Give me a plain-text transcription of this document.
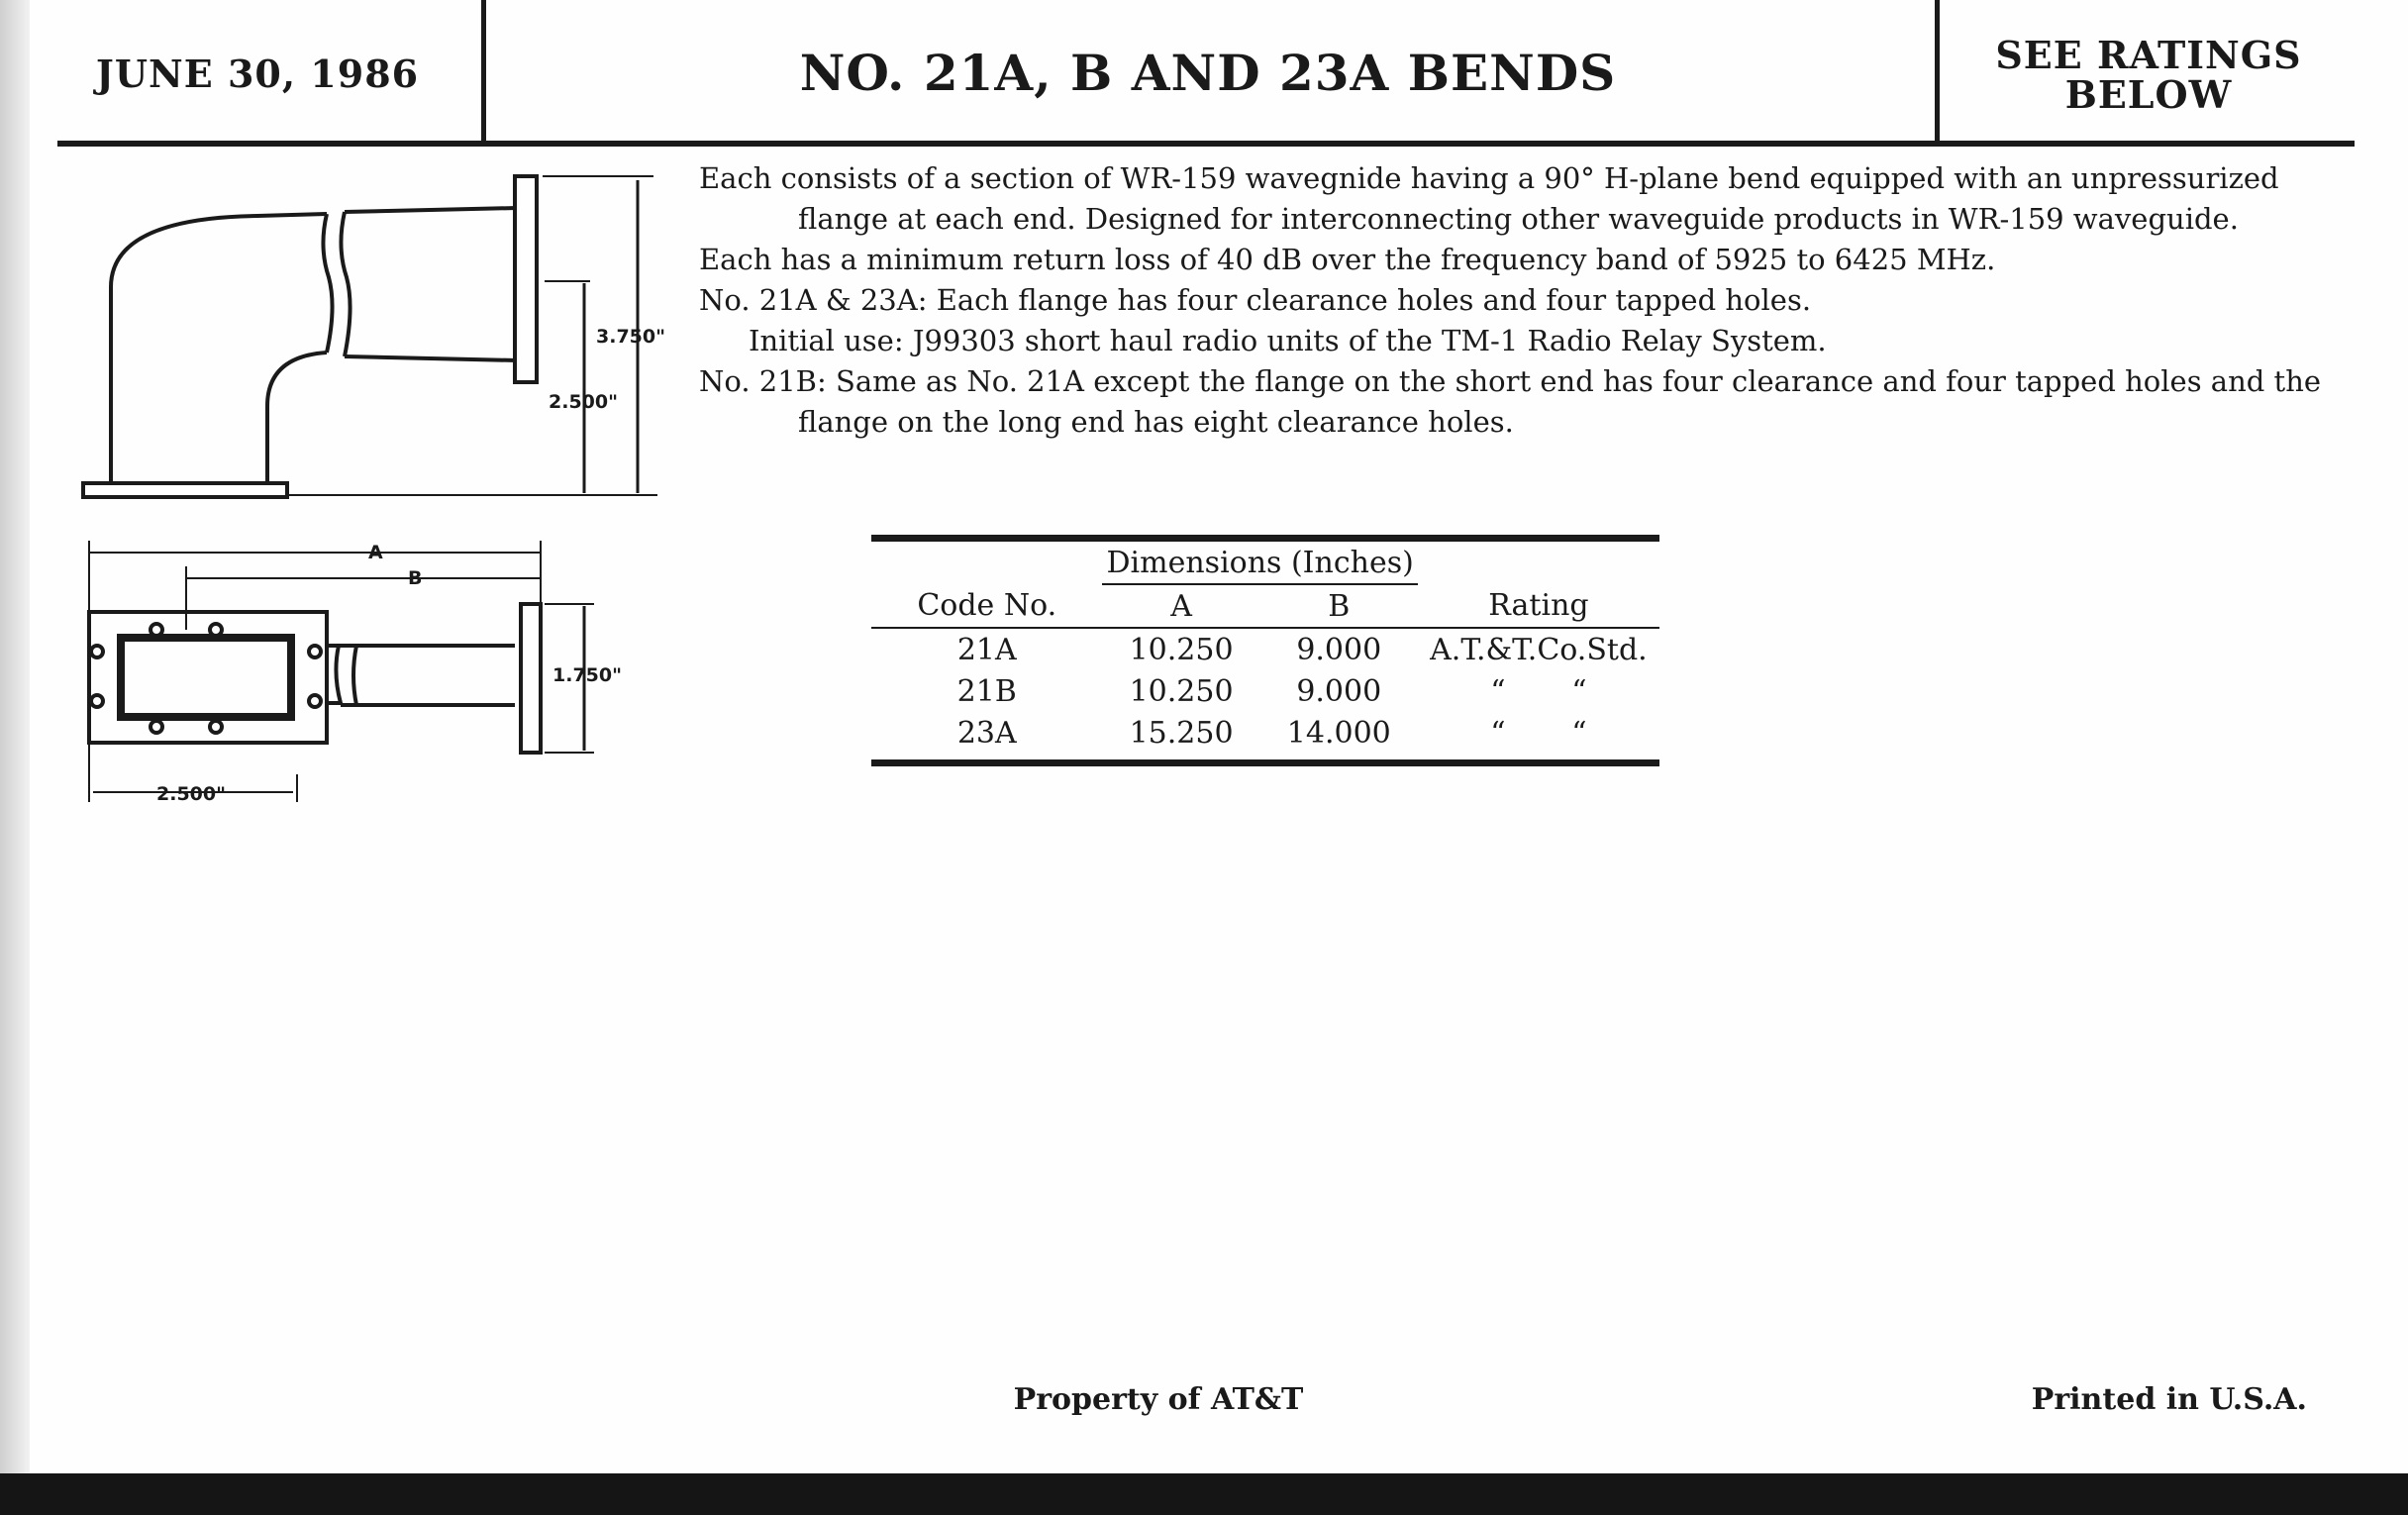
JUNE 30, 1986	NO. 21A, B AND 23A BENDS	SEE RATINGS
BELOW

Each consists of a section of WR-159 wavegnide having a 90° H-plane bend equipped with an unpressurized flange at each end. Designed for interconnecting other waveguide products in WR-159 waveguide.

Each has a minimum return loss of 40 dB over the frequency band of 5925 to 6425 MHz.

No. 21A & 23A: Each flange has four clearance holes and four tapped holes.

Initial use: J99303 short haul radio units of the TM-1 Radio Relay System.

No. 21B: Same as No. 21A except the flange on the short end has four clearance and four tapped holes and the flange on the long end has eight clearance holes.

3.750"
2.500"
A
B
1.750"
2.500"
	Dimensions (Inches)		
Code No.	A	B	Rating
21A	10.250	9.000	A.T.&T.Co.Std.
21B	10.250	9.000	“       “
23A	15.250	14.000	“       “
Property of AT&T	Printed in U.S.A.
